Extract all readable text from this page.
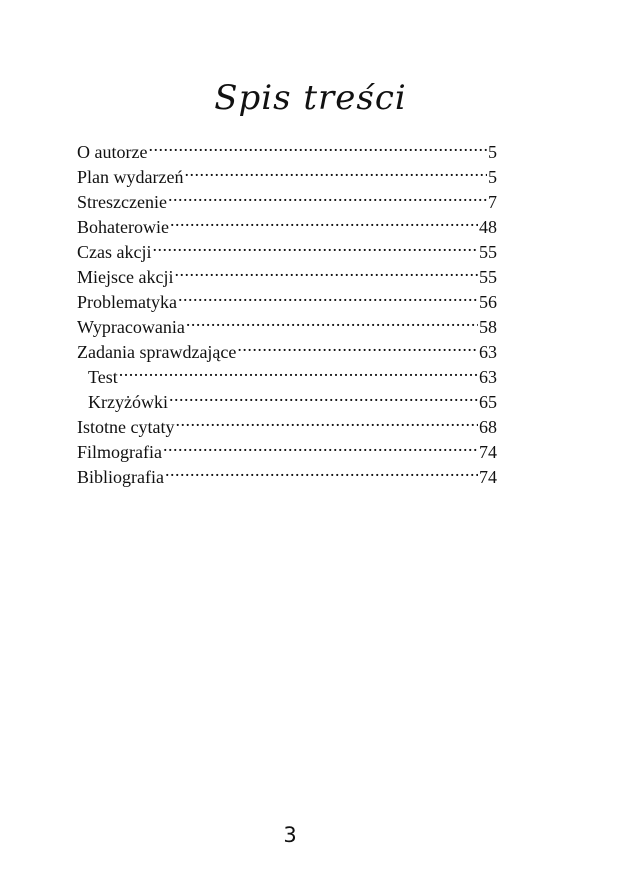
Spis treści
O autorze .....	5
Plan wydarzeń .....	5
Streszczenie .....	7
Bohaterowie .....	48
Czas akcji .....	55
Miejsce akcji .....	55
Problematyka .....	56
Wypracowania .....	58
Zadania sprawdzające .....	63
Test .....	63
Krzyżówki .....	65
Istotne cytaty .....	68
Filmografia .....	74
Bibliografia .....	74
3
